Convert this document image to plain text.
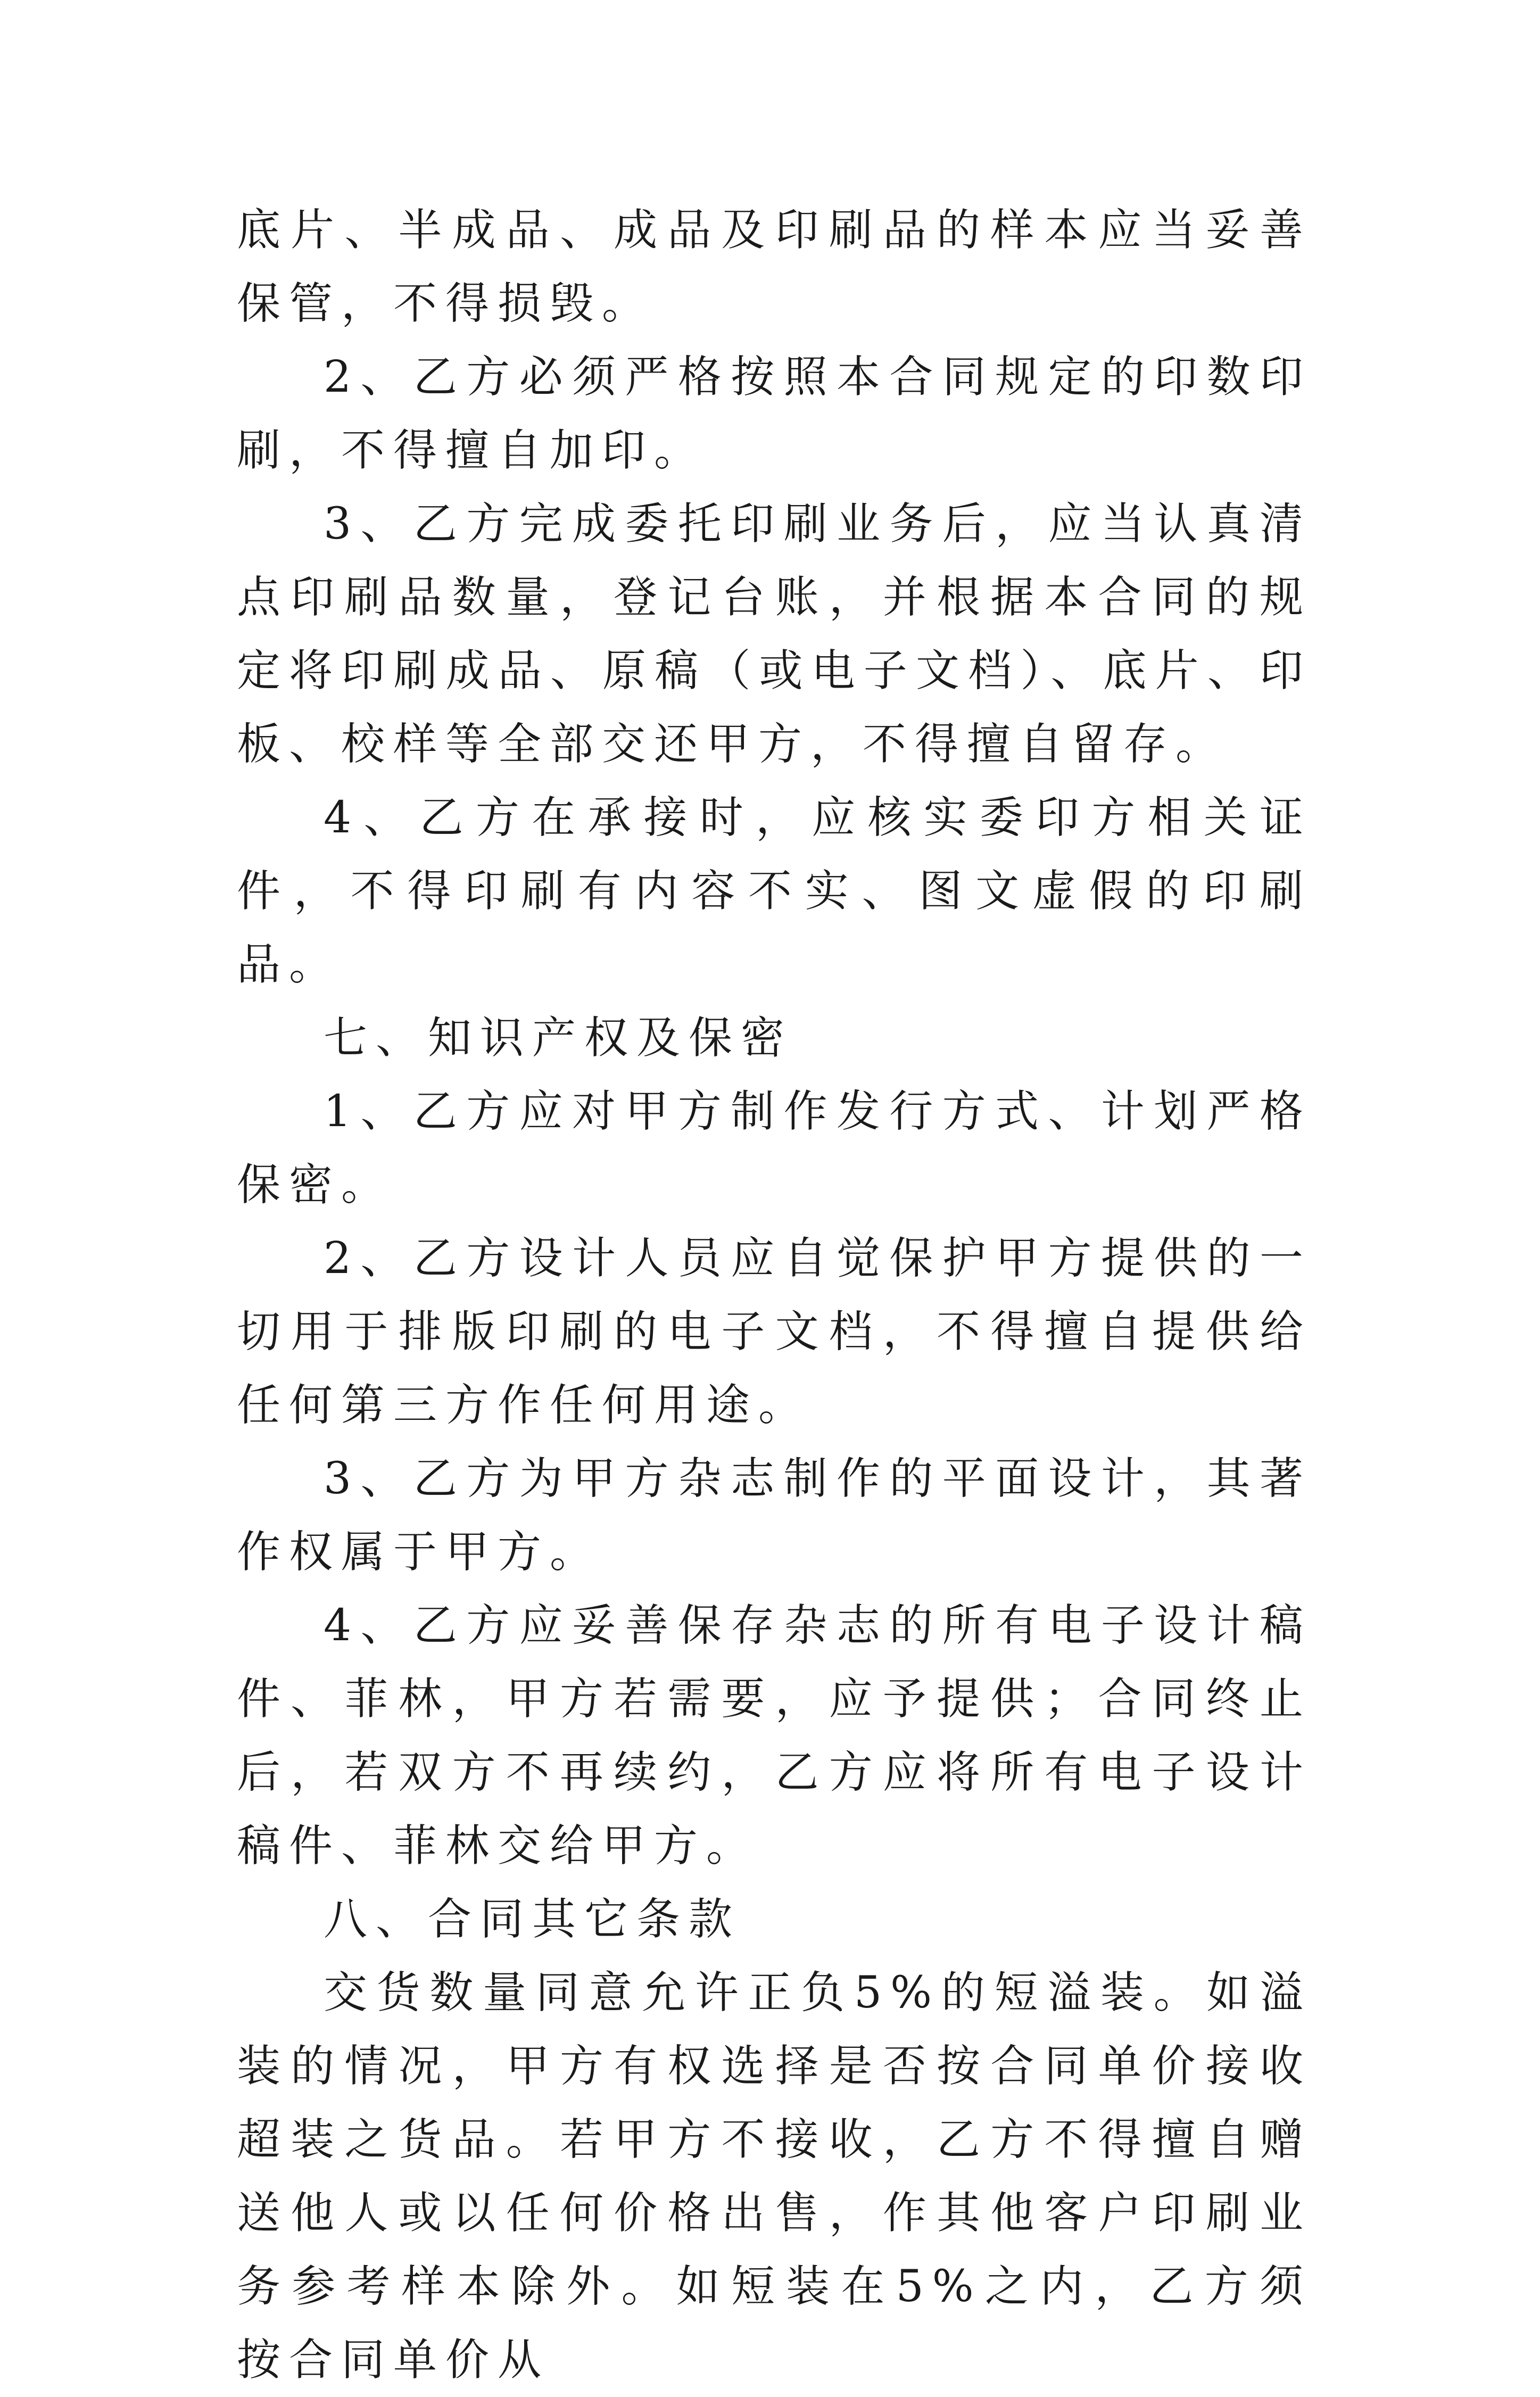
底片、半成品、成品及印刷品的样本应当妥善保管，不得损毁。

2、乙方必须严格按照本合同规定的印数印刷，不得擅自加印。

3、乙方完成委托印刷业务后，应当认真清点印刷品数量，登记台账，并根据本合同的规定将印刷成品、原稿（或电子文档）、底片、印板、校样等全部交还甲方，不得擅自留存。

4、乙方在承接时，应核实委印方相关证件，不得印刷有内容不实、图文虚假的印刷品。

七、知识产权及保密

1、乙方应对甲方制作发行方式、计划严格保密。

2、乙方设计人员应自觉保护甲方提供的一切用于排版印刷的电子文档，不得擅自提供给任何第三方作任何用途。

3、乙方为甲方杂志制作的平面设计，其著作权属于甲方。

4、乙方应妥善保存杂志的所有电子设计稿件、菲林，甲方若需要，应予提供；合同终止后，若双方不再续约，乙方应将所有电子设计稿件、菲林交给甲方。

八、合同其它条款

交货数量同意允许正负5%的短溢装。如溢装的情况，甲方有权选择是否按合同单价接收超装之货品。若甲方不接收，乙方不得擅自赠送他人或以任何价格出售，作其他客户印刷业务参考样本除外。如短装在5%之内，乙方须按合同单价从
